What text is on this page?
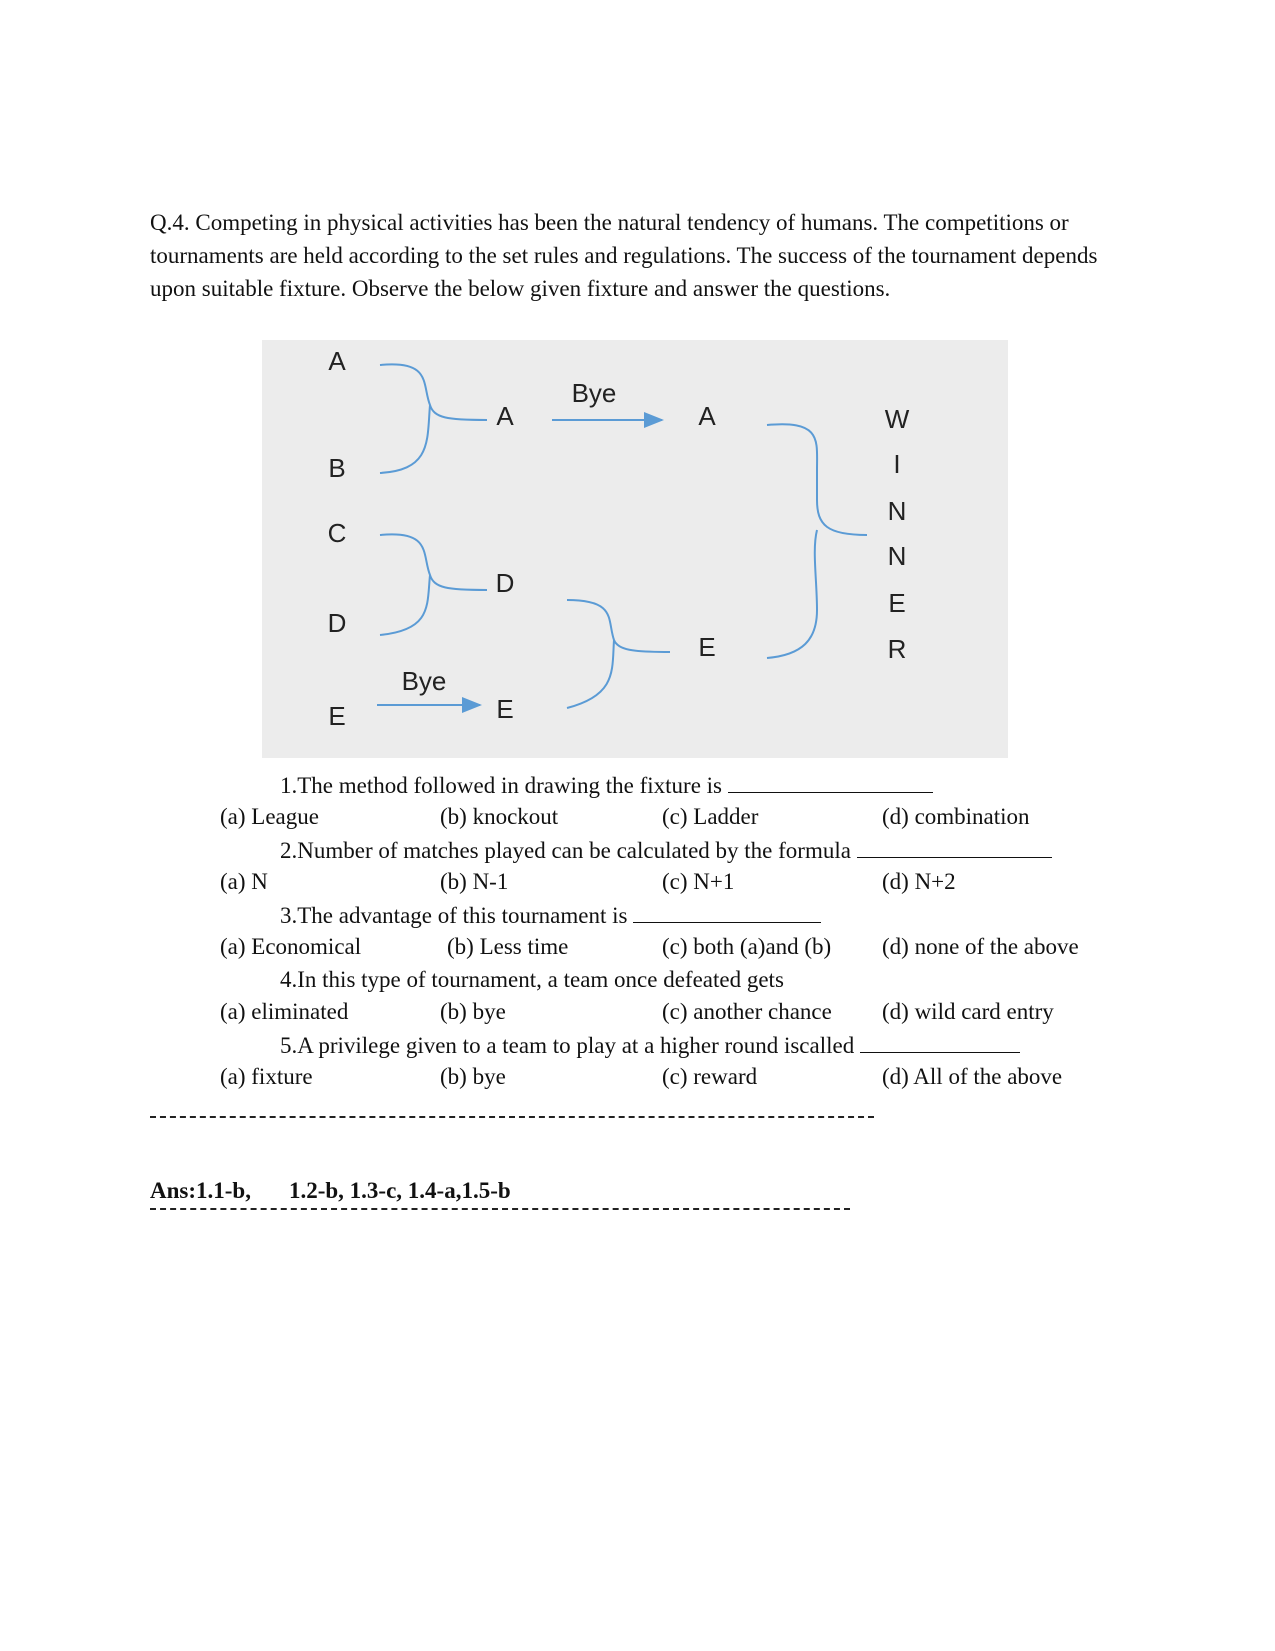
Q.4. Competing in physical activities has been the natural tendency of humans. The competitions or tournaments are held according to the set rules and regulations. The success of the tournament depends upon suitable fixture. Observe the below given fixture and answer the questions.
A
B
C
D
E
A
D
E
A
E
Bye
Bye
W
I
N
N
E
R
1.The method followed in drawing the fixture is
(a) League	(b) knockout	(c) Ladder	(d) combination
2.Number of matches played can be calculated by the formula
(a) N	(b) N-1	(c) N+1	(d) N+2
3.The advantage of this tournament is
(a) Economical	(b) Less time	(c) both (a)and (b) (d) none of the above
4.In this type of tournament, a team once defeated gets
(a) eliminated	(b) bye	(c) another chance (d) wild card entry
5.A privilege given to a team to play at a higher round iscalled
(a) fixture	(b) bye	(c) reward	(d) All of the above
Ans:1.1-b, 1.2-b, 1.3-c, 1.4-a,1.5-b
